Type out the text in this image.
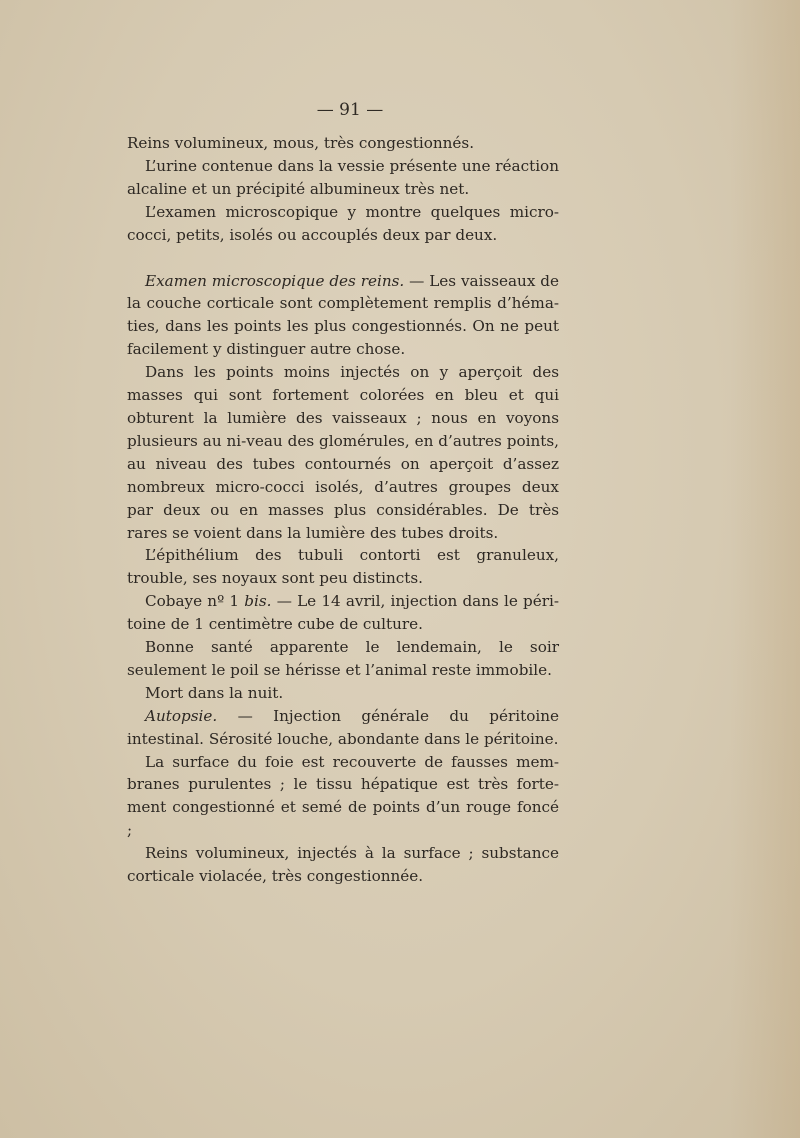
— 91 —

Reins volumineux, mous, très congestionnés.

L’urine contenue dans la vessie présente une réaction alcaline et un précipité albumineux très net.

L’examen microscopique y montre quelques micro-cocci, petits, isolés ou accouplés deux par deux.

Examen microscopique des reins. — Les vaisseaux de la couche corticale sont complètement remplis d’héma-ties, dans les points les plus congestionnés. On ne peut facilement y distinguer autre chose.

Dans les points moins injectés on y aperçoit des masses qui sont fortement colorées en bleu et qui obturent la lumière des vaisseaux ; nous en voyons plusieurs au ni-veau des glomérules, en d’autres points, au niveau des tubes contournés on aperçoit d’assez nombreux micro-cocci isolés, d’autres groupes deux par deux ou en masses plus considérables. De très rares se voient dans la lumière des tubes droits.

L’épithélium des tubuli contorti est granuleux, trouble, ses noyaux sont peu distincts.

Cobaye nº 1 bis. — Le 14 avril, injection dans le péri-toine de 1 centimètre cube de culture.

Bonne santé apparente le lendemain, le soir seulement le poil se hérisse et l’animal reste immobile.

Mort dans la nuit.

Autopsie. — Injection générale du péritoine intestinal. Sérosité louche, abondante dans le péritoine.

La surface du foie est recouverte de fausses mem-branes purulentes ; le tissu hépatique est très forte-ment congestionné et semé de points d’un rouge foncé ;

Reins volumineux, injectés à la surface ; substance corticale violacée, très congestionnée.
